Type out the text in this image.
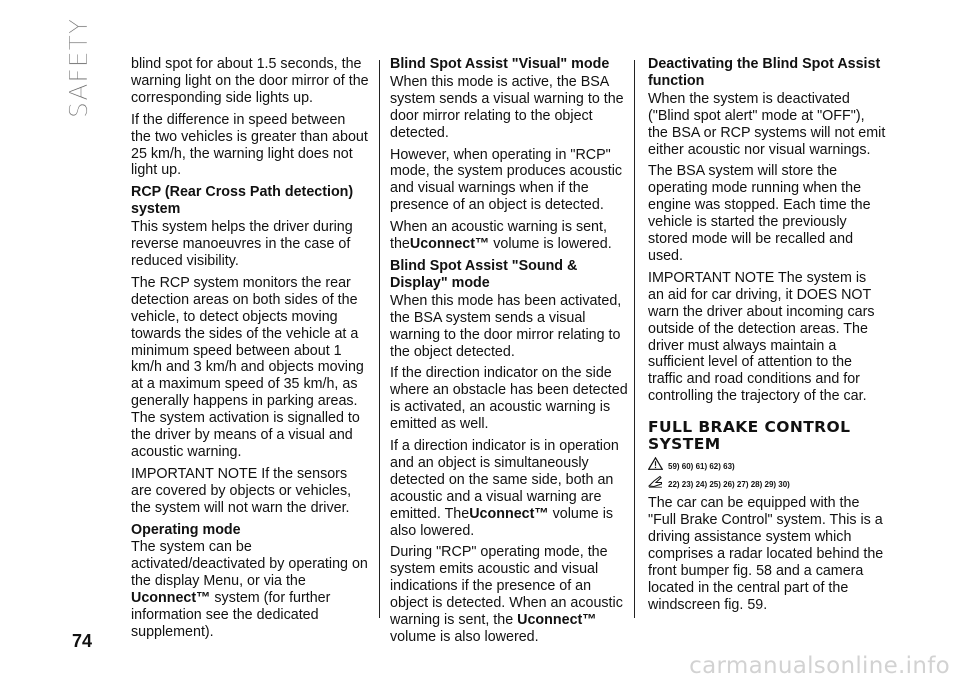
SAFETY	blind spot for about 1.5 seconds, the warning light on the door mirror of the corresponding side lights up.

If the difference in speed between the two vehicles is greater than about 25 km/h, the warning light does not light up.

RCP (Rear Cross Path detection) system

This system helps the driver during reverse manoeuvres in the case of reduced visibility.

The RCP system monitors the rear detection areas on both sides of the vehicle, to detect objects moving towards the sides of the vehicle at a minimum speed between about 1 km/h and 3 km/h and objects moving at a maximum speed of 35 km/h, as generally happens in parking areas. The system activation is signalled to the driver by means of a visual and acoustic warning.

IMPORTANT NOTE If the sensors are covered by objects or vehicles, the system will not warn the driver.

Operating mode

The system can be activated/deactivated by operating on the display Menu, or via the Uconnect™ system (for further information see the dedicated supplement).

Blind Spot Assist "Visual" mode

When this mode is active, the BSA system sends a visual warning to the door mirror relating to the object detected.

However, when operating in "RCP" mode, the system produces acoustic and visual warnings when if the presence of an object is detected.

When an acoustic warning is sent, theUconnect™ volume is lowered.

Blind Spot Assist "Sound & Display" mode

When this mode has been activated, the BSA system sends a visual warning to the door mirror relating to the object detected.

If the direction indicator on the side where an obstacle has been detected is activated, an acoustic warning is emitted as well.

If a direction indicator is in operation and an object is simultaneously detected on the same side, both an acoustic and a visual warning are emitted. TheUconnect™ volume is also lowered.

During "RCP" operating mode, the system emits acoustic and visual indications if the presence of an object is detected. When an acoustic warning is sent, the Uconnect™ volume is also lowered.

Deactivating the Blind Spot Assist function

When the system is deactivated ("Blind spot alert" mode at "OFF"), the BSA or RCP systems will not emit either acoustic nor visual warnings.

The BSA system will store the operating mode running when the engine was stopped. Each time the vehicle is started the previously stored mode will be recalled and used.

IMPORTANT NOTE The system is an aid for car driving, it DOES NOT warn the driver about incoming cars outside of the detection areas. The driver must always maintain a sufficient level of attention to the traffic and road conditions and for controlling the trajectory of the car.

FULL BRAKE CONTROL SYSTEM
59) 60) 61) 62) 63)
22) 23) 24) 25) 26) 27) 28) 29) 30)

The car can be equipped with the "Full Brake Control" system. This is a driving assistance system which comprises a radar located behind the front bumper fig. 58 and a camera located in the central part of the windscreen fig. 59.

74
carmanualsonline.info
